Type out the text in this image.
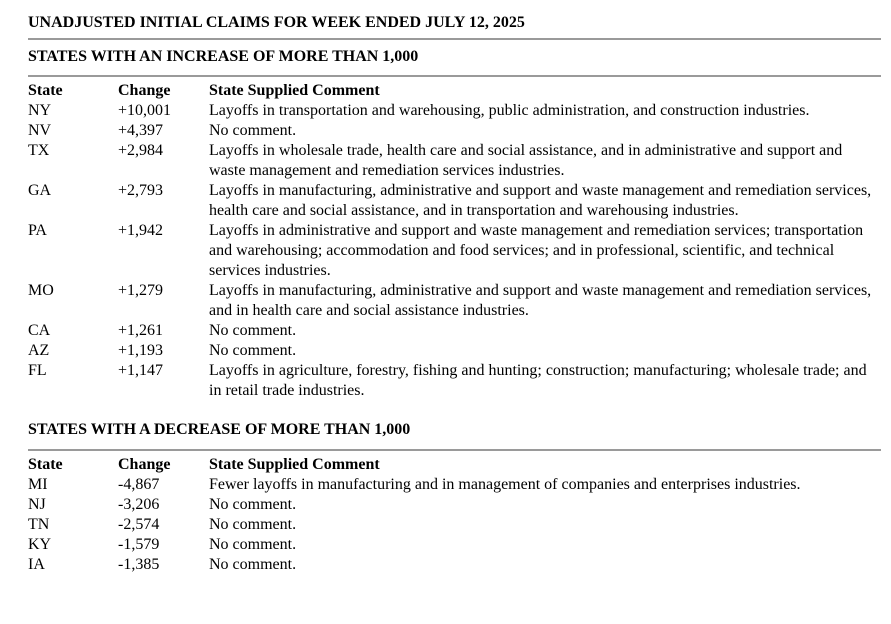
UNADJUSTED INITIAL CLAIMS FOR WEEK ENDED JULY 12, 2025
STATES WITH AN INCREASE OF MORE THAN 1,000
State	Change	State Supplied Comment
NY	+10,001	Layoffs in transportation and warehousing, public administration, and construction industries.
NV	+4,397	No comment.
TX	+2,984	Layoffs in wholesale trade, health care and social assistance, and in administrative and support and waste management and remediation services industries.
GA	+2,793	Layoffs in manufacturing, administrative and support and waste management and remediation services, health care and social assistance, and in transportation and warehousing industries.
PA	+1,942	Layoffs in administrative and support and waste management and remediation services; transportation and warehousing; accommodation and food services; and in professional, scientific, and technical services industries.
MO	+1,279	Layoffs in manufacturing, administrative and support and waste management and remediation services, and in health care and social assistance industries.
CA	+1,261	No comment.
AZ	+1,193	No comment.
FL	+1,147	Layoffs in agriculture, forestry, fishing and hunting; construction; manufacturing; wholesale trade; and in retail trade industries.
STATES WITH A DECREASE OF MORE THAN 1,000
State	Change	State Supplied Comment
MI	-4,867	Fewer layoffs in manufacturing and in management of companies and enterprises industries.
NJ	-3,206	No comment.
TN	-2,574	No comment.
KY	-1,579	No comment.
IA	-1,385	No comment.
